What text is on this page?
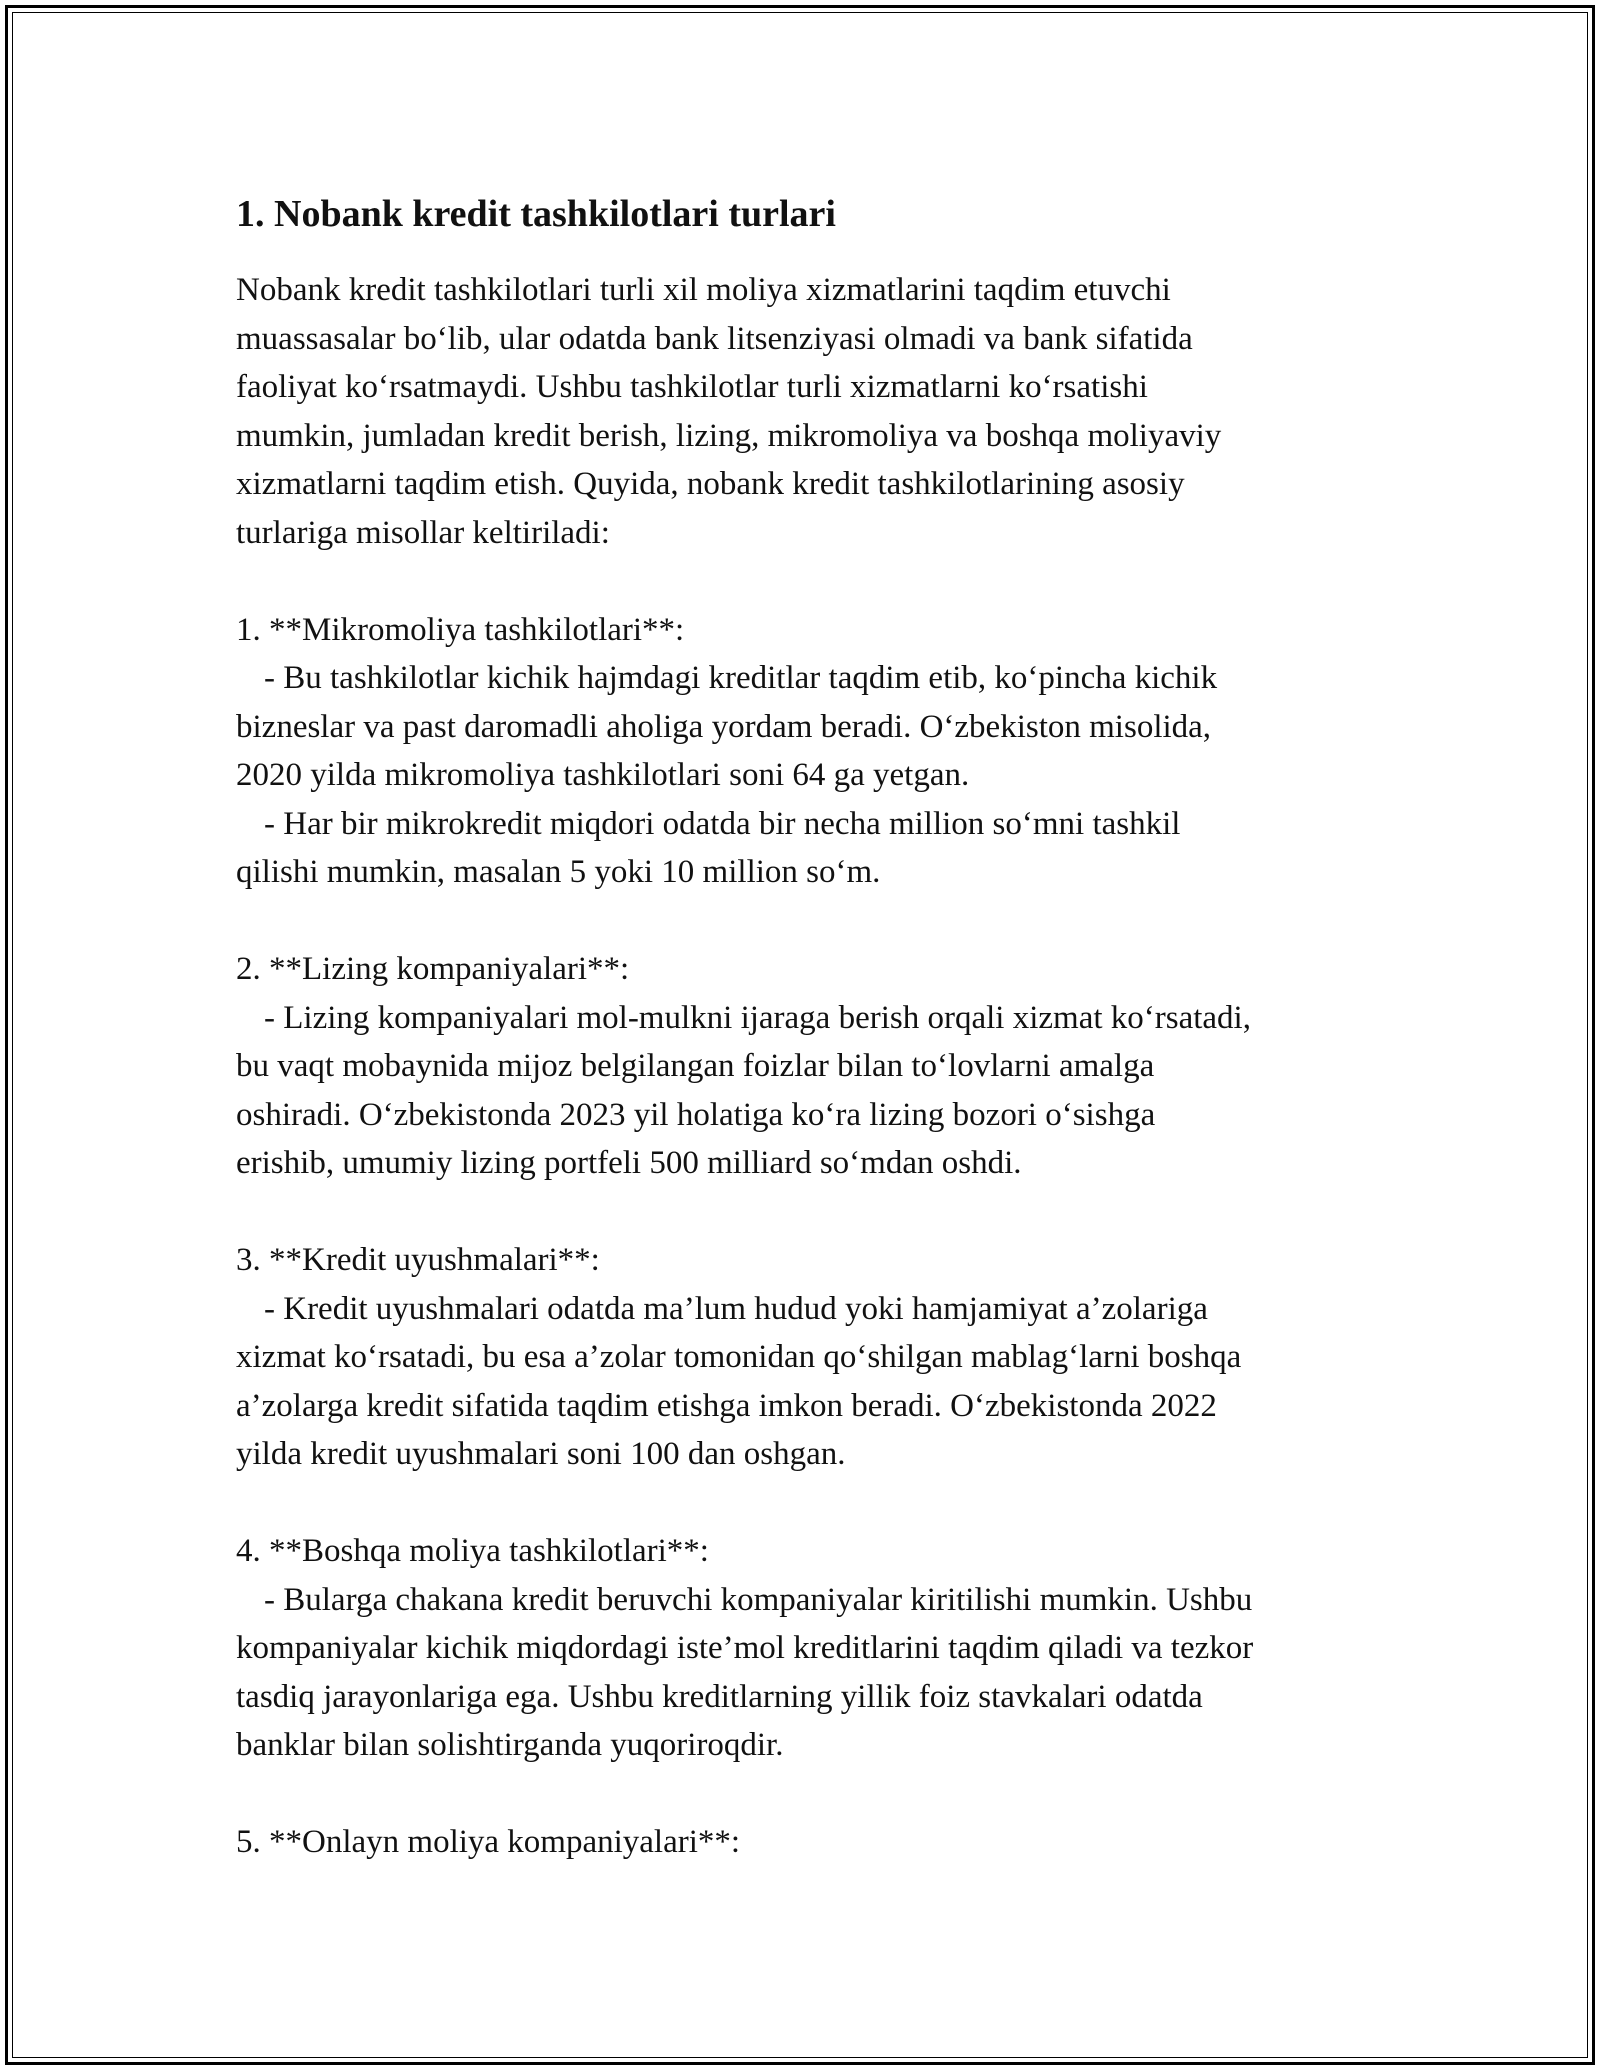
1. Nobank kredit tashkilotlari turlari
Nobank kredit tashkilotlari turli xil moliya xizmatlarini taqdim etuvchi
muassasalar bo‘lib, ular odatda bank litsenziyasi olmadi va bank sifatida
faoliyat ko‘rsatmaydi. Ushbu tashkilotlar turli xizmatlarni ko‘rsatishi
mumkin, jumladan kredit berish, lizing, mikromoliya va boshqa moliyaviy
xizmatlarni taqdim etish. Quyida, nobank kredit tashkilotlarining asosiy
turlariga misollar keltiriladi:
1. **Mikromoliya tashkilotlari**:
- Bu tashkilotlar kichik hajmdagi kreditlar taqdim etib, ko‘pincha kichik
bizneslar va past daromadli aholiga yordam beradi. O‘zbekiston misolida,
2020 yilda mikromoliya tashkilotlari soni 64 ga yetgan.
- Har bir mikrokredit miqdori odatda bir necha million so‘mni tashkil
qilishi mumkin, masalan 5 yoki 10 million so‘m.
2. **Lizing kompaniyalari**:
- Lizing kompaniyalari mol-mulkni ijaraga berish orqali xizmat ko‘rsatadi,
bu vaqt mobaynida mijoz belgilangan foizlar bilan to‘lovlarni amalga
oshiradi. O‘zbekistonda 2023 yil holatiga ko‘ra lizing bozori o‘sishga
erishib, umumiy lizing portfeli 500 milliard so‘mdan oshdi.
3. **Kredit uyushmalari**:
- Kredit uyushmalari odatda ma’lum hudud yoki hamjamiyat a’zolariga
xizmat ko‘rsatadi, bu esa a’zolar tomonidan qo‘shilgan mablag‘larni boshqa
a’zolarga kredit sifatida taqdim etishga imkon beradi. O‘zbekistonda 2022
yilda kredit uyushmalari soni 100 dan oshgan.
4. **Boshqa moliya tashkilotlari**:
- Bularga chakana kredit beruvchi kompaniyalar kiritilishi mumkin. Ushbu
kompaniyalar kichik miqdordagi iste’mol kreditlarini taqdim qiladi va tezkor
tasdiq jarayonlariga ega. Ushbu kreditlarning yillik foiz stavkalari odatda
banklar bilan solishtirganda yuqoriroqdir.
5. **Onlayn moliya kompaniyalari**:
